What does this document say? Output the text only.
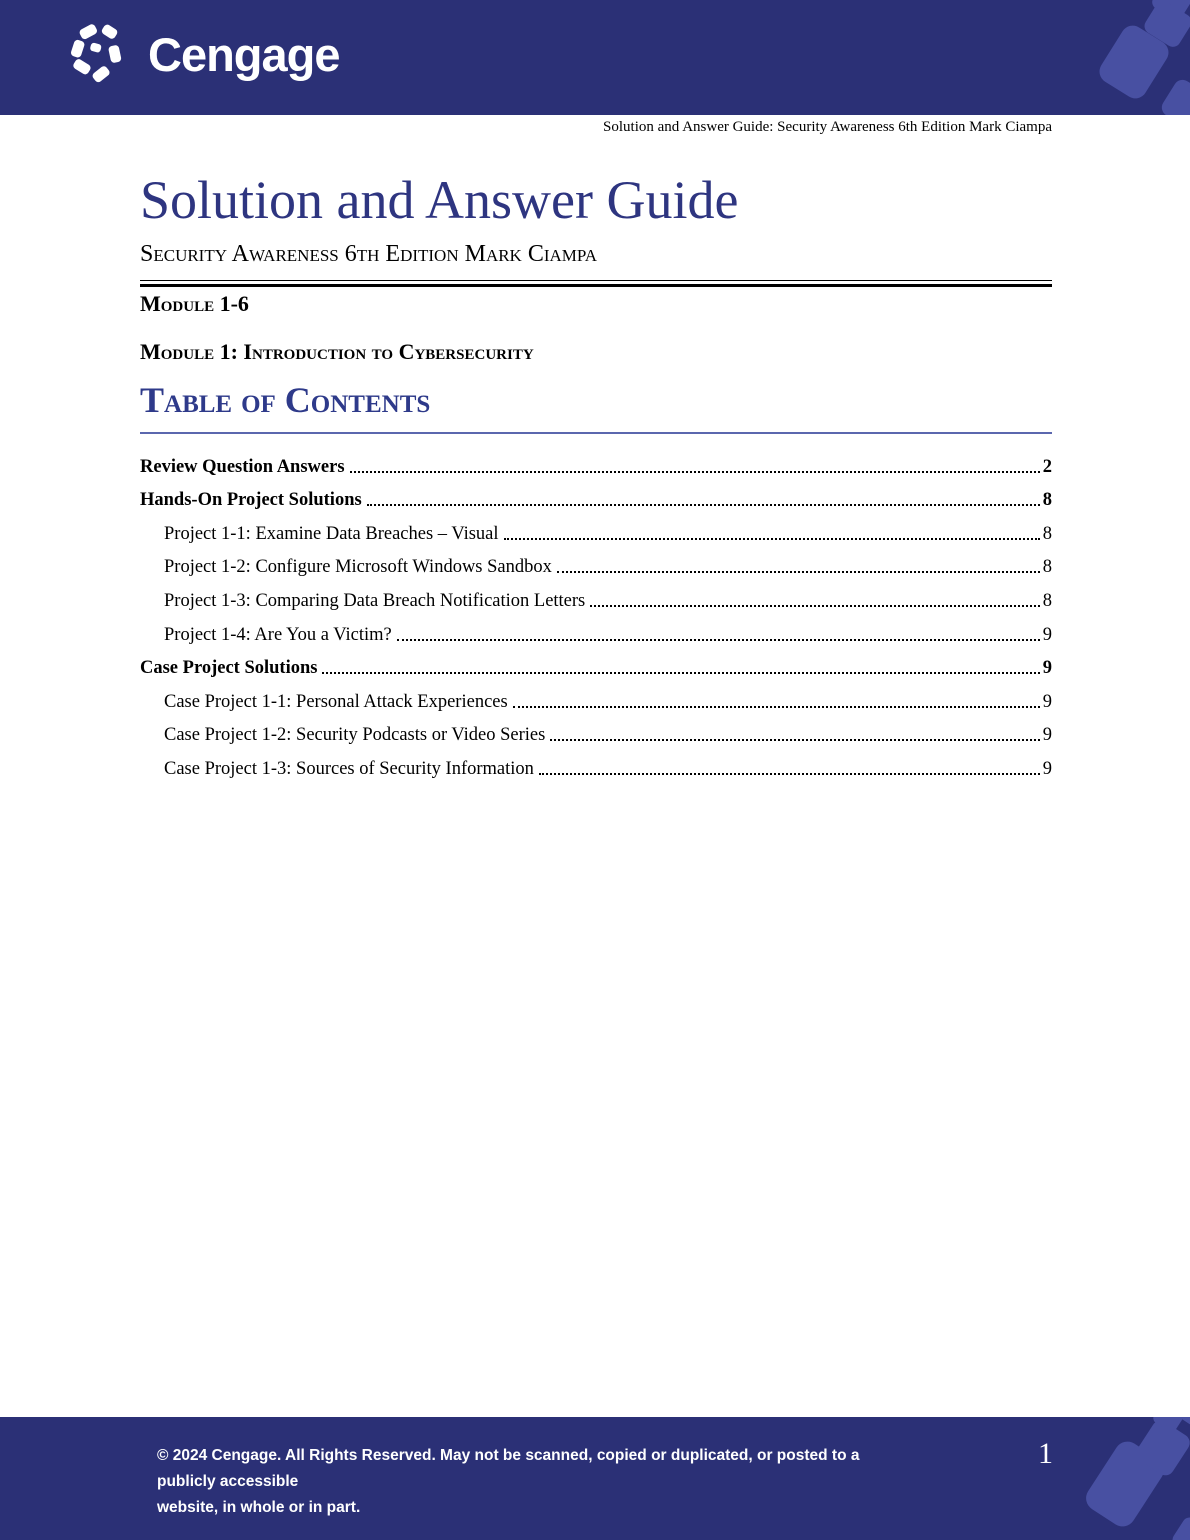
Cengage
Solution and Answer Guide: Security Awareness 6th Edition Mark Ciampa
Solution and Answer Guide
Security Awareness 6th Edition Mark Ciampa
Module 1-6
Module 1: Introduction to Cybersecurity
Table of Contents
Review Question Answers	2
Hands-On Project Solutions	8
Project 1-1: Examine Data Breaches – Visual	8
Project 1-2: Configure Microsoft Windows Sandbox	8
Project 1-3: Comparing Data Breach Notification Letters	8
Project 1-4: Are You a Victim?	9
Case Project Solutions	9
Case Project 1-1: Personal Attack Experiences	9
Case Project 1-2: Security Podcasts or Video Series	9
Case Project 1-3: Sources of Security Information	9
© 2024 Cengage. All Rights Reserved. May not be scanned, copied or duplicated, or posted to a publicly accessible
website, in whole or in part.
1
